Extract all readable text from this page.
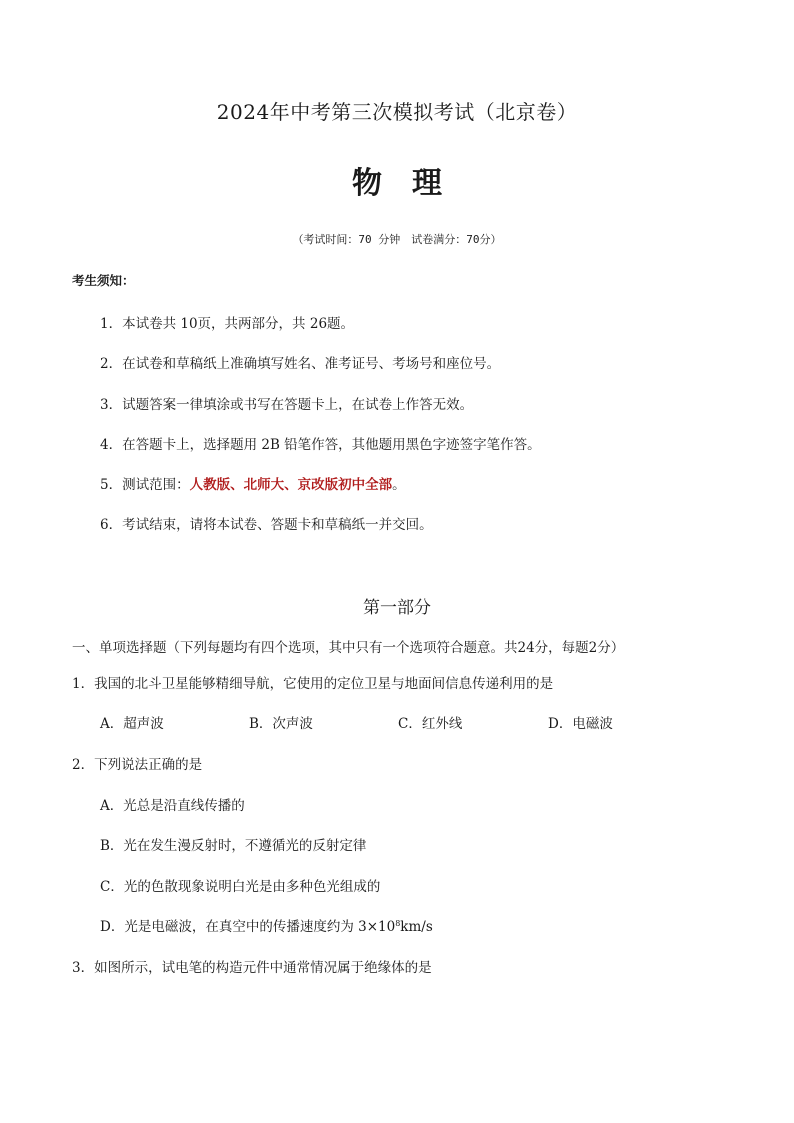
2024年中考第三次模拟考试（北京卷）
物　理
（考试时间：70 分钟　试卷满分：70分）
考生须知：
1．本试卷共 10页，共两部分，共 26题。
2．在试卷和草稿纸上准确填写姓名、准考证号、考场号和座位号。
3．试题答案一律填涂或书写在答题卡上，在试卷上作答无效。
4．在答题卡上，选择题用 2B 铅笔作答，其他题用黑色字迹签字笔作答。
5．测试范围：人教版、北师大、京改版初中全部。
6．考试结束，请将本试卷、答题卡和草稿纸一并交回。
第一部分
一、单项选择题（下列每题均有四个选项，其中只有一个选项符合题意。共24分，每题2分）
1．我国的北斗卫星能够精细导航，它使用的定位卫星与地面间信息传递利用的是
A．超声波	B．次声波	C．红外线	D．电磁波
2．下列说法正确的是
A．光总是沿直线传播的
B．光在发生漫反射时，不遵循光的反射定律
C．光的色散现象说明白光是由多种色光组成的
D．光是电磁波，在真空中的传播速度约为 $3\times 10^8km/s$
3．如图所示，试电笔的构造元件中通常情况属于绝缘体的是
